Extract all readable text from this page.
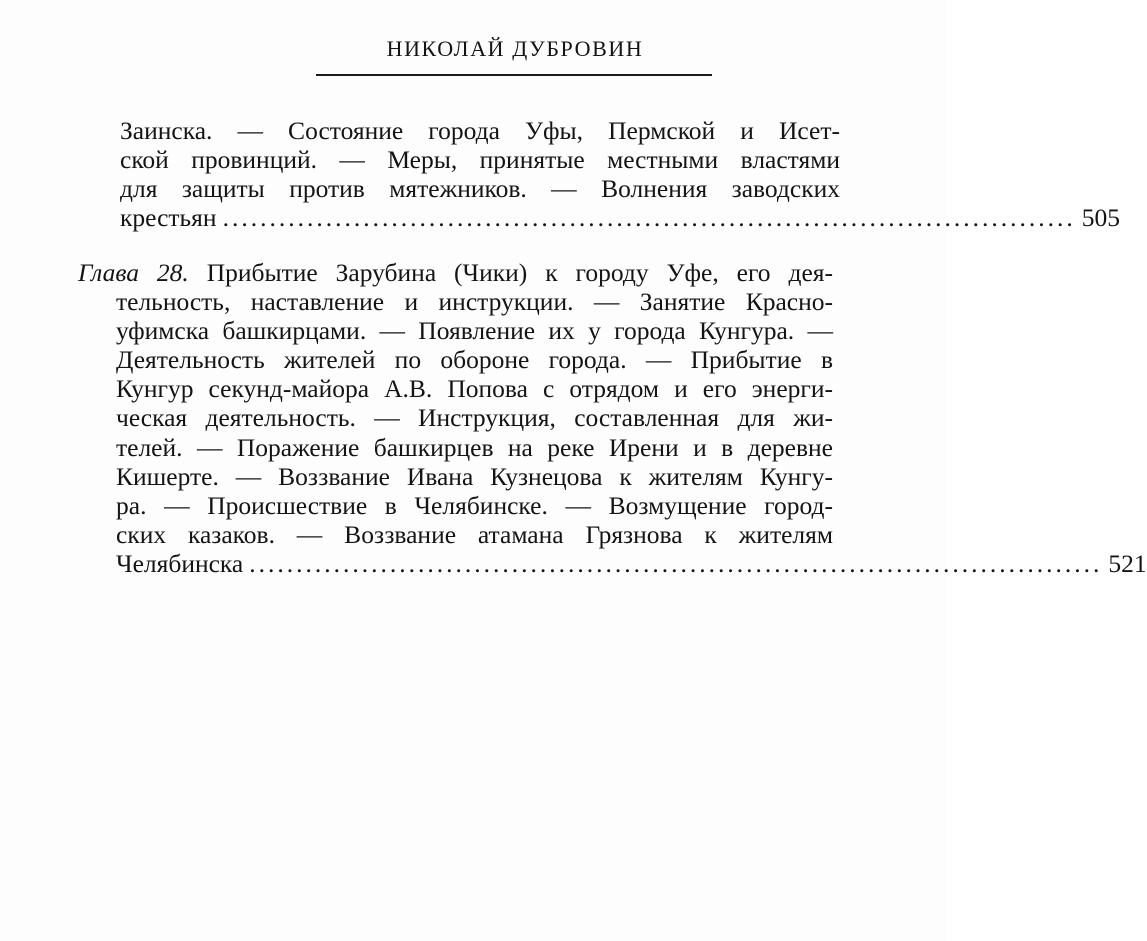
НИКОЛАЙ ДУБРОВИН
Заинска. — Состояние города Уфы, Пермской и Исет-
ской провинций. — Меры, принятые местными властями
для защиты против мятежников. — Волнения заводских
крестьян ........................................................................................... 505
Глава 28. Прибытие Зарубина (Чики) к городу Уфе, его дея-
тельность, наставление и инструкции. — Занятие Красно-
уфимска башкирцами. — Появление их у города Кунгура. —
Деятельность жителей по обороне города. — Прибытие в
Кунгур секунд-майора А.В. Попова с отрядом и его энерги-
ческая деятельность. — Инструкция, составленная для жи-
телей. — Поражение башкирцев на реке Ирени и в деревне
Кишерте. — Воззвание Ивана Кузнецова к жителям Кунгу-
ра. — Происшествие в Челябинске. — Возмущение город-
ских казаков. — Воззвание атамана Грязнова к жителям
Челябинска ........................................................................................... 521
